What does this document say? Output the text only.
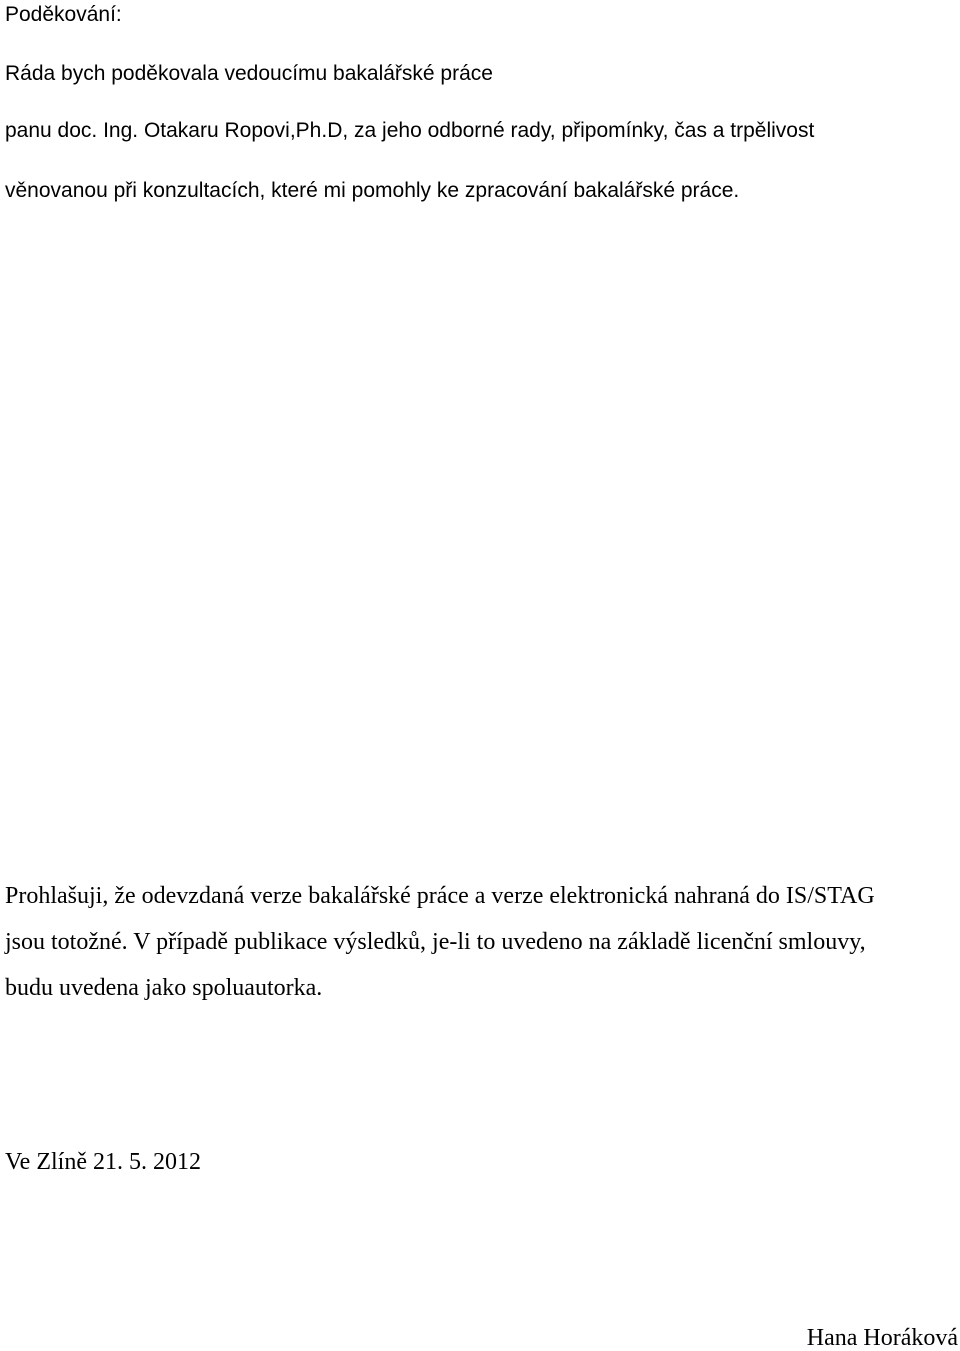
Poděkování:
Ráda bych poděkovala vedoucímu bakalářské práce
panu doc. Ing. Otakaru Ropovi,Ph.D, za jeho odborné rady, připomínky, čas a trpělivost
věnovanou při konzultacích, které mi pomohly ke zpracování bakalářské práce.
Prohlašuji, že odevzdaná verze bakalářské práce a verze elektronická nahraná do IS/STAG
jsou totožné. V případě publikace výsledků, je-li to uvedeno na základě licenční smlouvy,
budu uvedena jako spoluautorka.
Ve Zlíně 21. 5. 2012
Hana Horáková
